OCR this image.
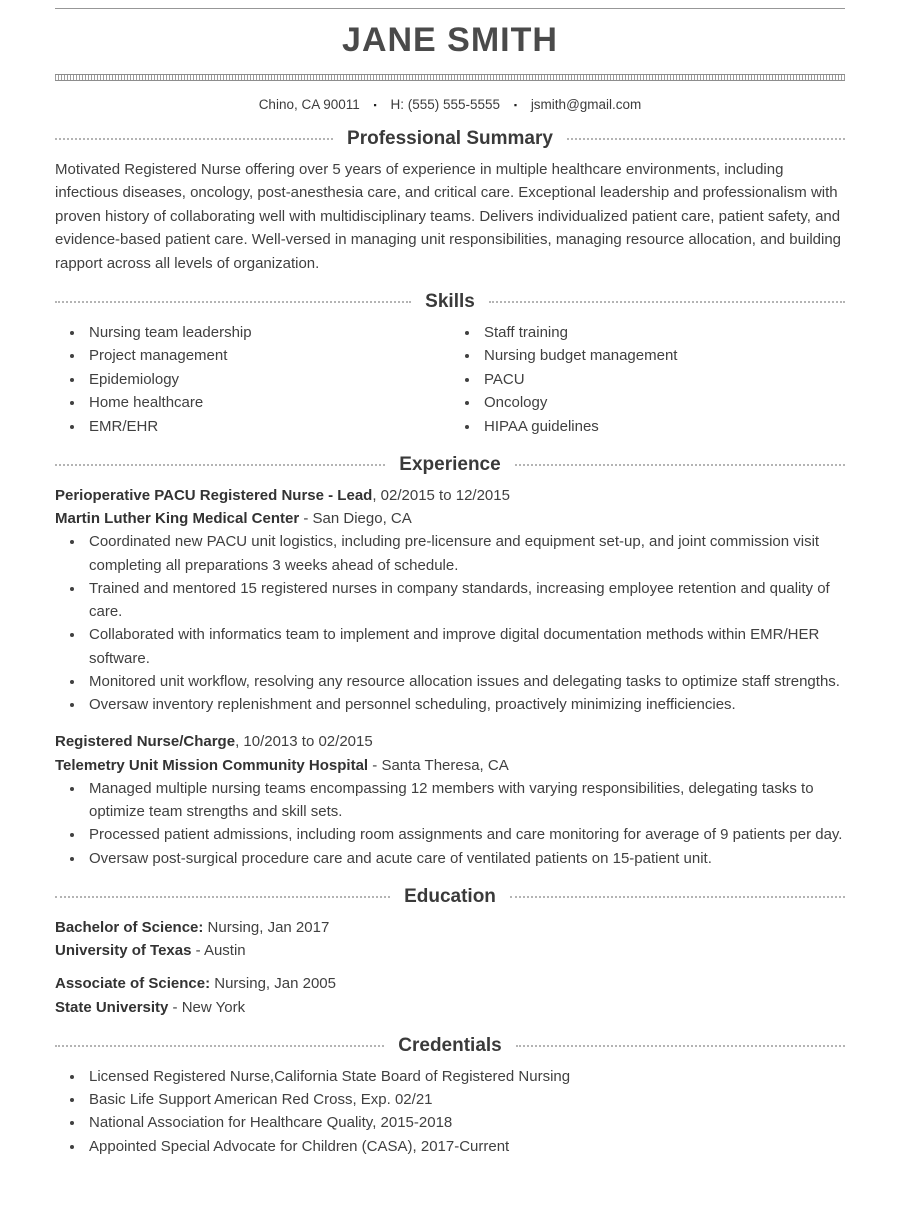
JANE SMITH
Chino, CA 90011 ▪ H: (555) 555-5555 ▪ jsmith@gmail.com
Professional Summary

Motivated Registered Nurse offering over 5 years of experience in multiple healthcare environments, including infectious diseases, oncology, post-anesthesia care, and critical care. Exceptional leadership and professionalism with proven history of collaborating well with multidisciplinary teams. Delivers individualized patient care, patient safety, and evidence-based patient care. Well-versed in managing unit responsibilities, managing resource allocation, and building rapport across all levels of organization.

Skills
• Nursing team leadership
• Project management
• Epidemiology
• Home healthcare
• EMR/EHR
• Staff training
• Nursing budget management
• PACU
• Oncology
• HIPAA guidelines
Experience

Perioperative PACU Registered Nurse - Lead, 02/2015 to 12/2015

Martin Luther King Medical Center - San Diego, CA

• Coordinated new PACU unit logistics, including pre-licensure and equipment set-up, and joint commission visit completing all preparations 3 weeks ahead of schedule.
• Trained and mentored 15 registered nurses in company standards, increasing employee retention and quality of care.
• Collaborated with informatics team to implement and improve digital documentation methods within EMR/HER software.
• Monitored unit workflow, resolving any resource allocation issues and delegating tasks to optimize staff strengths.
• Oversaw inventory replenishment and personnel scheduling, proactively minimizing inefficiencies.

Registered Nurse/Charge, 10/2013 to 02/2015

Telemetry Unit Mission Community Hospital - Santa Theresa, CA

• Managed multiple nursing teams encompassing 12 members with varying responsibilities, delegating tasks to optimize team strengths and skill sets.
• Processed patient admissions, including room assignments and care monitoring for average of 9 patients per day.
• Oversaw post-surgical procedure care and acute care of ventilated patients on 15-patient unit.
Education

Bachelor of Science: Nursing, Jan 2017

University of Texas - Austin

Associate of Science: Nursing, Jan 2005

State University - New York

Credentials
• Licensed Registered Nurse,California State Board of Registered Nursing
• Basic Life Support American Red Cross, Exp. 02/21
• National Association for Healthcare Quality, 2015-2018
• Appointed Special Advocate for Children (CASA), 2017-Current
